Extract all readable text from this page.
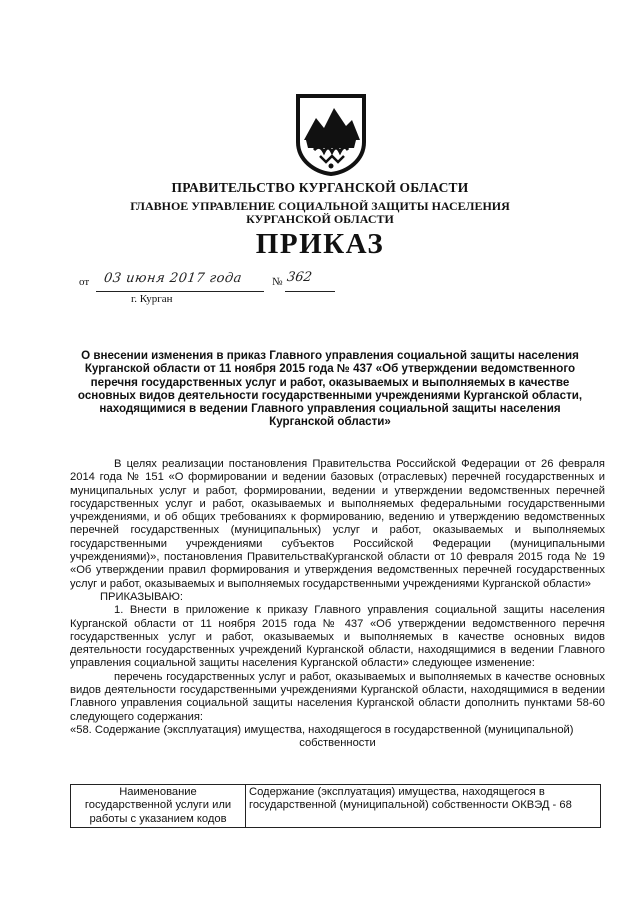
ПРАВИТЕЛЬСТВО КУРГАНСКОЙ ОБЛАСТИ
ГЛАВНОЕ УПРАВЛЕНИЕ СОЦИАЛЬНОЙ ЗАЩИТЫ НАСЕЛЕНИЯ
КУРГАНСКОЙ ОБЛАСТИ
ПРИКАЗ
от 03 июня 2017 года	№ 362
г. Курган
О внесении изменения в приказ Главного управления социальной защиты населения Курганской области от 11 ноября 2015 года № 437 «Об утверждении ведомственного перечня государственных услуг и работ, оказываемых и выполняемых в качестве основных видов деятельности государственными учреждениями Курганской области, находящимися в ведении Главного управления социальной защиты населения Курганской области»

В целях реализации постановления Правительства Российской Федерации от 26 февраля 2014 года № 151 «О формировании и ведении базовых (отраслевых) перечней государственных и муниципальных услуг и работ, формировании, ведении и утверждении ведомственных перечней государственных услуг и работ, оказываемых и выполняемых федеральными государственными учреждениями, и об общих требованиях к формированию, ведению и утверждению ведомственных перечней государственных (муниципальных) услуг и работ, оказываемых и выполняемых государственными учреждениями субъектов Российской Федерации (муниципальными учреждениями)», постановления ПравительстваКурганской области от 10 февраля 2015 года № 19 «Об утверждении правил формирования и утверждения ведомственных перечней государственных услуг и работ, оказываемых и выполняемых государственными учреждениями Курганской области»

ПРИКАЗЫВАЮ:

1. Внести в приложение к приказу Главного управления социальной защиты населения Курганской области от 11 ноября 2015 года № 437 «Об утверждении ведомственного перечня государственных услуг и работ, оказываемых и выполняемых в качестве основных видов деятельности государственных учреждений Курганской области, находящимися в ведении Главного управления социальной защиты населения Курганской области» следующее изменение:

перечень государственных услуг и работ, оказываемых и выполняемых в качестве основных видов деятельности государственными учреждениями Курганской области, находящимися в ведении Главного управления социальной защиты населения Курганской области дополнить пунктами 58-60 следующего содержания:

«58. Содержание (эксплуатация) имущества, находящегося в государственной (муниципальной)

собственности

Наименование государственной услуги или работы с указанием кодов	Содержание (эксплуатация) имущества, находящегося в государственной (муниципальной) собственности ОКВЭД - 68
